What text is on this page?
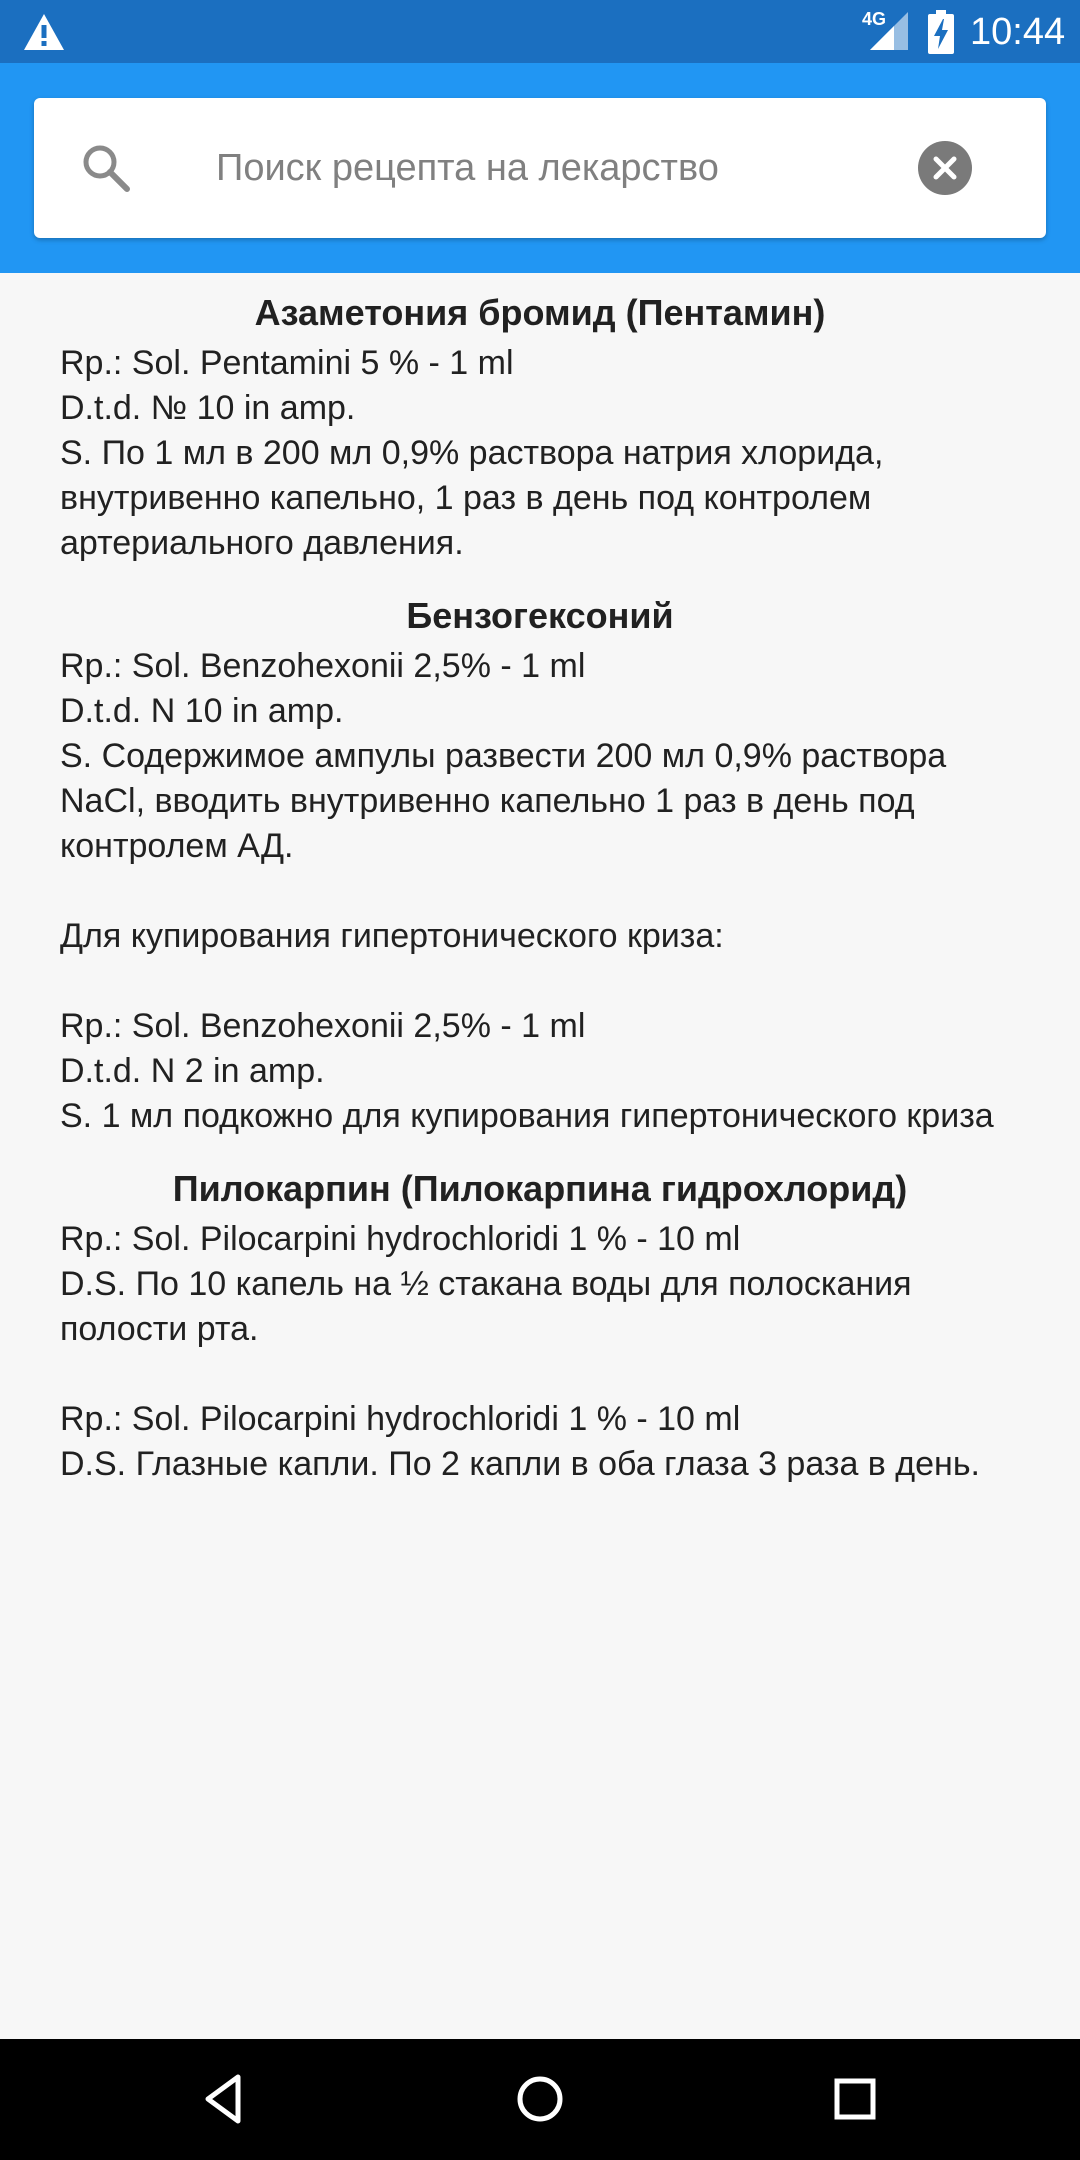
4G 10:44
Поиск рецепта на лекарство
Азаметония бромид (Пентамин)

Rp.: Sol. Pentamini 5 % - 1 ml
D.t.d. № 10 in amp.
S. По 1 мл в 200 мл 0,9% раствора натрия хлорида, внутривенно капельно, 1 раз в день под контролем артериального давления.

Бензогексоний

Rp.: Sol. Benzohexonii 2,5% - 1 ml
D.t.d. N 10 in amp.
S. Содержимое ампулы развести 200 мл 0,9% раствора NaCl, вводить внутривенно капельно 1 раз в день под контролем АД.

Для купирования гипертонического криза:

Rp.: Sol. Benzohexonii 2,5% - 1 ml
D.t.d. N 2 in amp.
S. 1 мл подкожно для купирования гипертонического криза

Пилокарпин (Пилокарпина гидрохлорид)

Rp.: Sol. Pilocarpini hydrochloridi 1 % - 10 ml
D.S. По 10 капель на ½ стакана воды для полоскания полости рта.

Rp.: Sol. Pilocarpini hydrochloridi 1 % - 10 ml
D.S. Глазные капли. По 2 капли в оба глаза 3 раза в день.
